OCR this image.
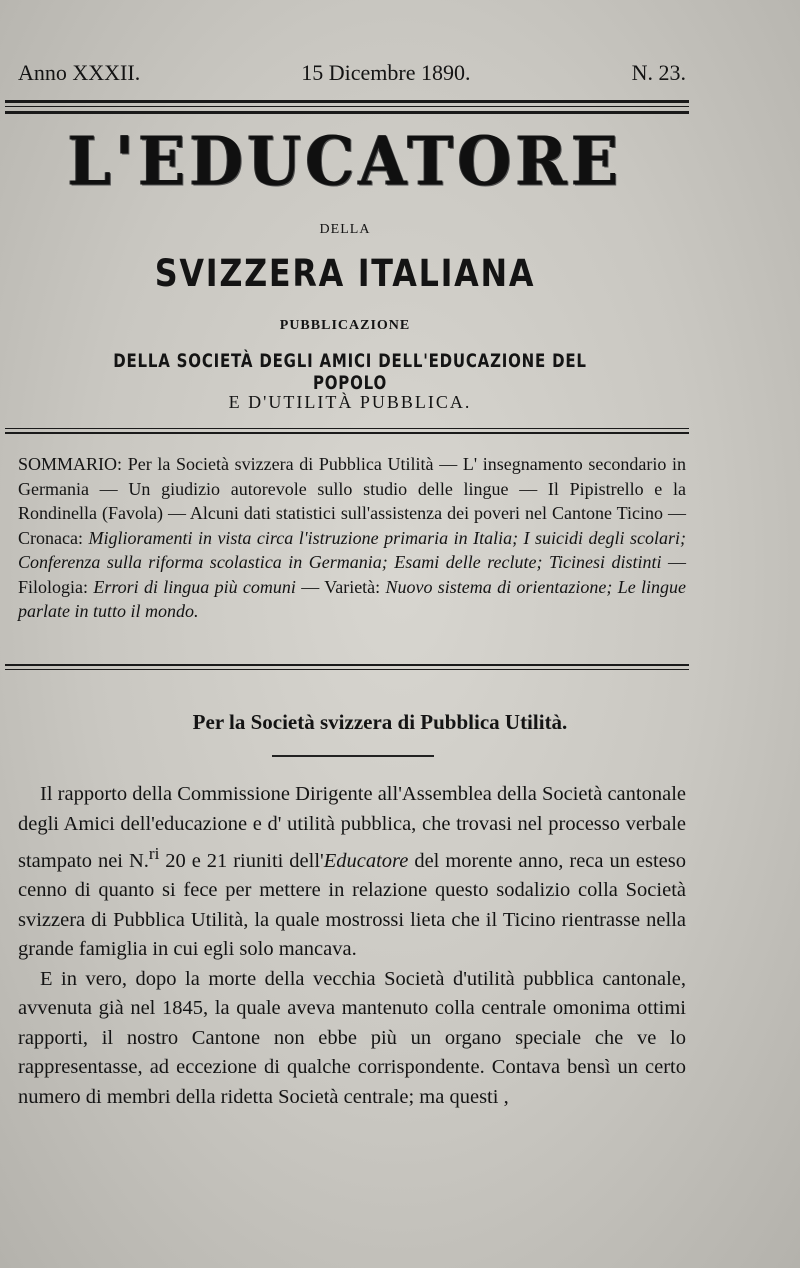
Anno XXXII.	15 Dicembre 1890.	N. 23.
L'EDUCATORE
DELLA
SVIZZERA ITALIANA
PUBBLICAZIONE
DELLA SOCIETÀ DEGLI AMICI DELL'EDUCAZIONE DEL POPOLO
E D'UTILITÀ PUBBLICA.
SOMMARIO: Per la Società svizzera di Pubblica Utilità — L' insegnamento secondario in Germania — Un giudizio autorevole sullo studio delle lingue — Il Pipistrello e la Rondinella (Favola) — Alcuni dati statistici sull'assistenza dei poveri nel Cantone Ticino — Cronaca: Miglioramenti in vista circa l'istruzione primaria in Italia; I suicidi degli scolari; Conferenza sulla riforma scolastica in Germania; Esami delle reclute; Ticinesi distinti — Filologia: Errori di lingua più comuni — Varietà: Nuovo sistema di orientazione; Le lingue parlate in tutto il mondo.
Per la Società svizzera di Pubblica Utilità.

Il rapporto della Commissione Dirigente all'Assemblea della Società cantonale degli Amici dell'educazione e d' utilità pubblica, che trovasi nel processo verbale stampato nei N.$^{ri}$ 20 e 21 riuniti dell'Educatore del morente anno, reca un esteso cenno di quanto si fece per mettere in relazione questo sodalizio colla Società svizzera di Pubblica Utilità, la quale mostrossi lieta che il Ticino rientrasse nella grande famiglia in cui egli solo mancava.

E in vero, dopo la morte della vecchia Società d'utilità pubblica cantonale, avvenuta già nel 1845, la quale aveva mantenuto colla centrale omonima ottimi rapporti, il nostro Cantone non ebbe più un organo speciale che ve lo rappresentasse, ad eccezione di qualche corrispondente. Contava bensì un certo numero di membri della ridetta Società centrale; ma questi ,
